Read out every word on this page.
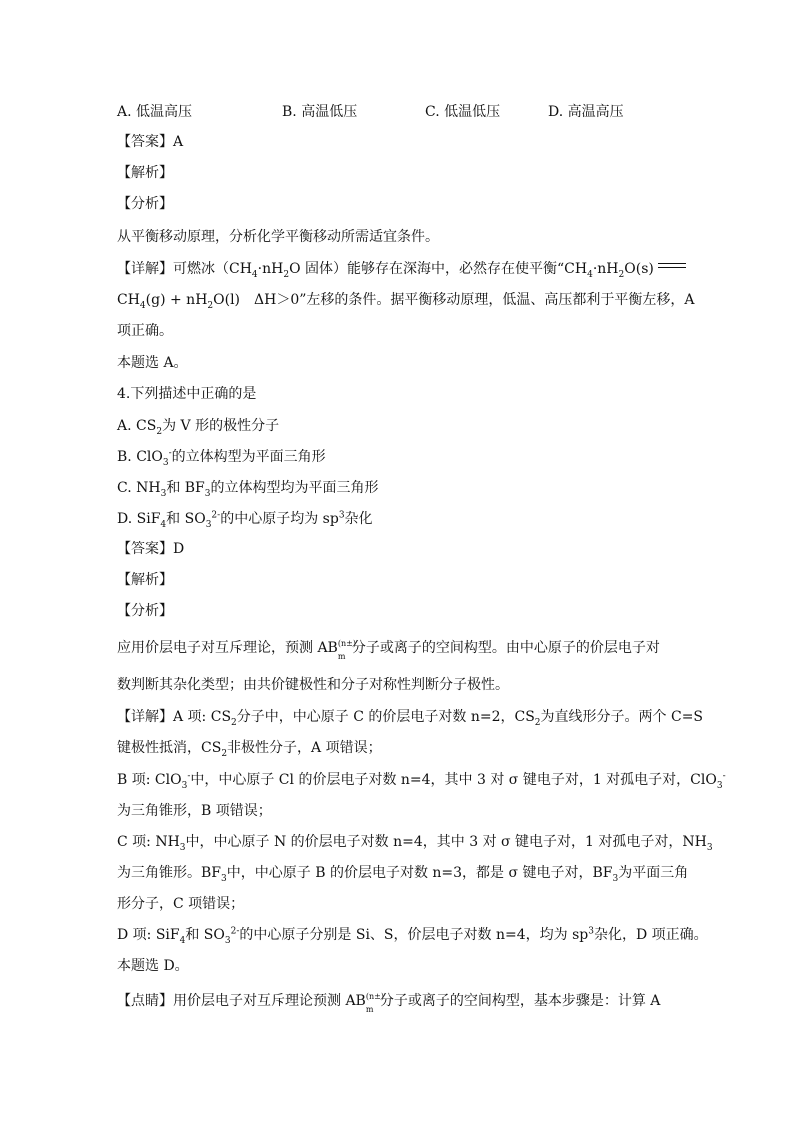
A. 低温高压	B. 高温低压	C. 低温低压	D. 高温高压
【答案】A
【解析】
【分析】
从平衡移动原理，分析化学平衡移动所需适宜条件。
【详解】可燃冰（$CH_4\cdot nH_2O$ 固体）能够存在深海中，必然存在使平衡“$CH_4\cdot nH_2O(s)$
$CH_4(g) + nH_2O(l)$　ΔH＞0”左移的条件。据平衡移动原理，低温、高压都利于平衡左移，A
项正确。
本题选 A。
4.下列描述中正确的是
A. $CS_2$为 V 形的极性分子
B. ClO$_3$-的立体构型为平面三角形
C. $NH_3$和 $BF_3$的立体构型均为平面三角形
D. SiF$_4$和 $SO_3^{2-}$的中心原子均为 $sp^3$杂化
【答案】D
【解析】
【分析】
应用价层电子对互斥理论，预测 AB (n±)
m
分子或离子的空间构型。由中心原子的价层电子对
数判断其杂化类型；由共价键极性和分子对称性判断分子极性。
【详解】A 项: $CS_2$分子中，中心原子 C 的价层电子对数 n=2，$CS_2$为直线形分子。两个 C=S
键极性抵消，$CS_2$非极性分子，A 项错误；
B 项: ClO$_3$-中，中心原子 Cl 的价层电子对数 n=4，其中 3 对 σ 键电子对，1 对孤电子对，ClO$_3$-
为三角锥形，B 项错误；
C 项: $NH_3$中，中心原子 N 的价层电子对数 n=4，其中 3 对 σ 键电子对，1 对孤电子对，$NH_3$
为三角锥形。$BF_3$中，中心原子 B 的价层电子对数 n=3，都是 σ 键电子对，$BF_3$为平面三角
形分子，C 项错误；
D 项: SiF$_4$和 $SO_3^{2-}$的中心原子分别是 Si、S，价层电子对数 n=4，均为 $sp^3$杂化，D 项正确。
本题选 D。
【点睛】用价层电子对互斥理论预测 AB (n±)
m
分子或离子的空间构型，基本步骤是：计算 A
